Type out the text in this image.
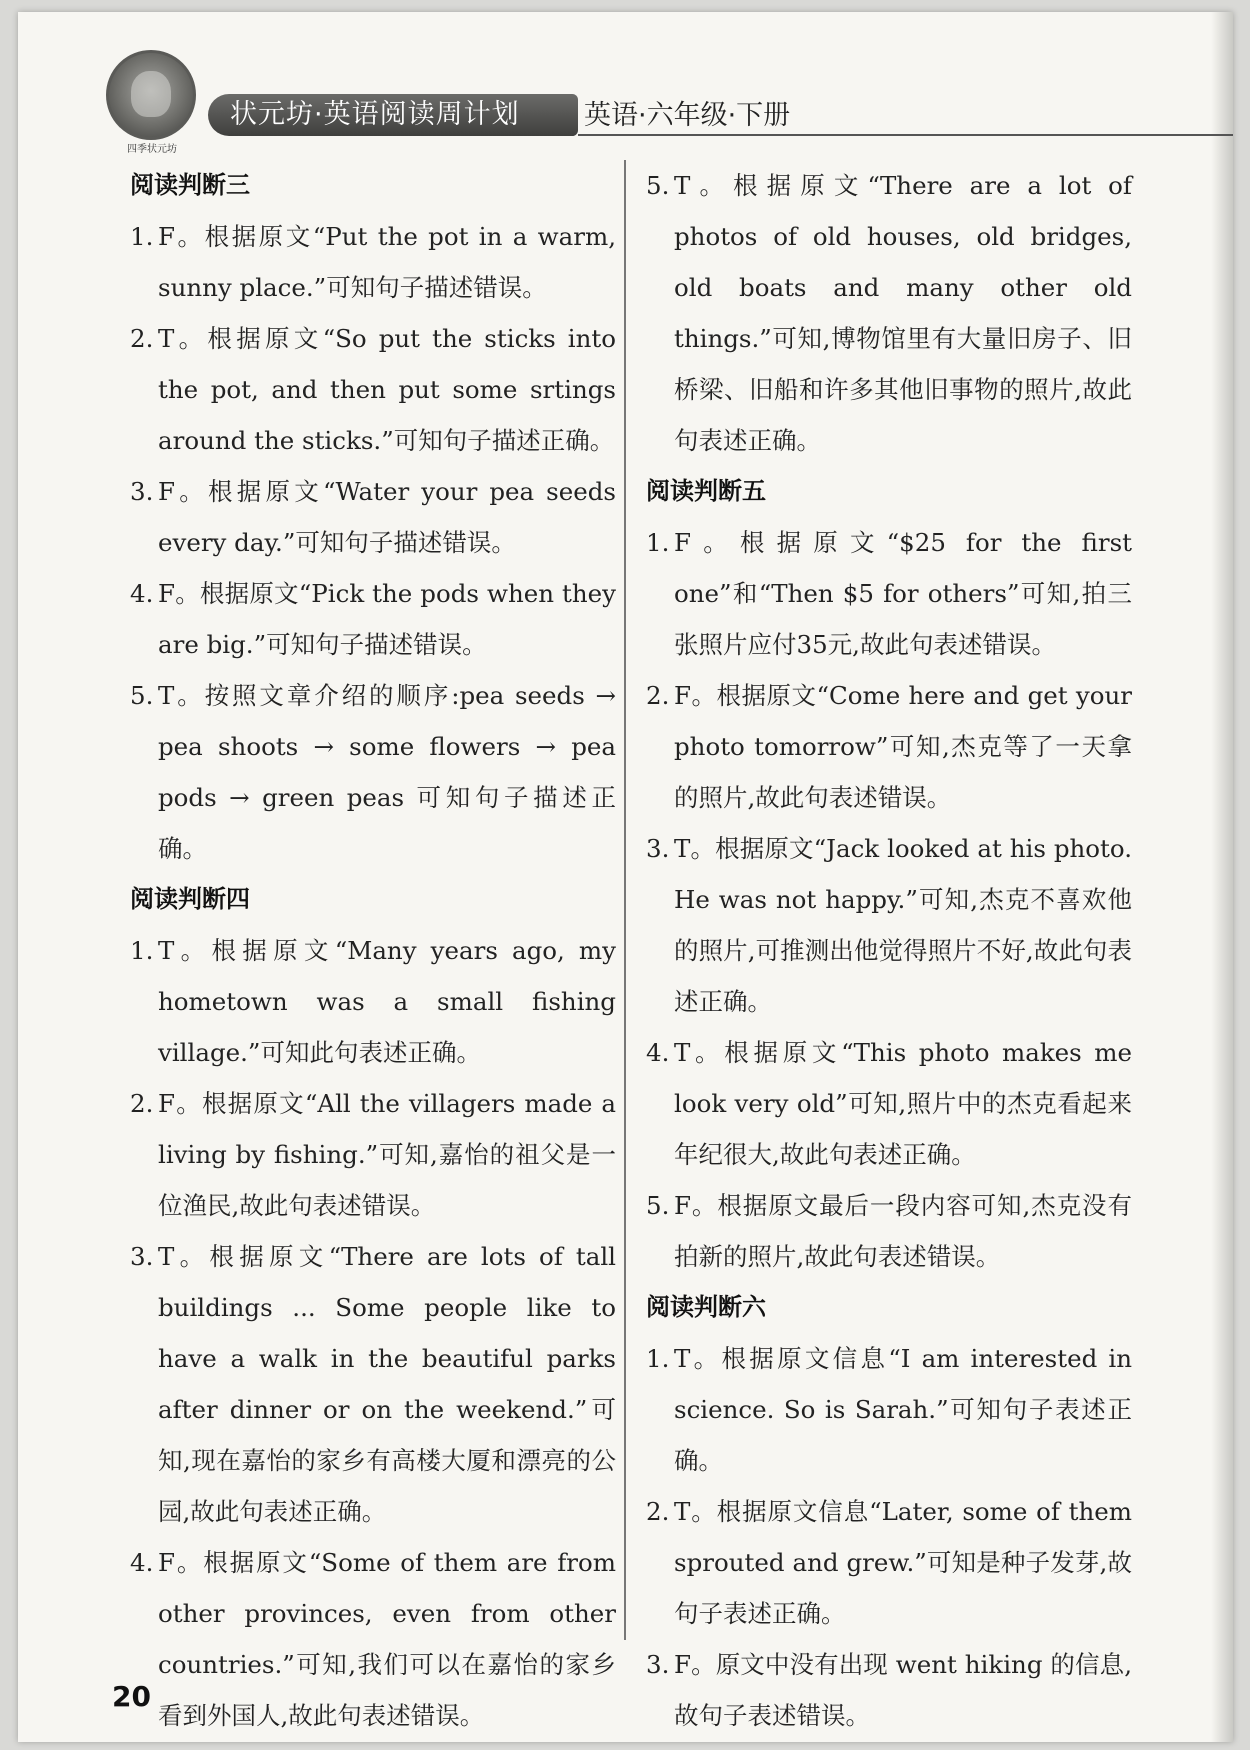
四季状元坊
状元坊·英语阅读周计划	英语·六年级·下册
阅读判断三
1. F。根据原文“Put the pot in a warm, sunny place.”可知句子描述错误。
2. T。根据原文“So put the sticks into the pot, and then put some srtings around the sticks.”可知句子描述正确。
3. F。根据原文“Water your pea seeds every day.”可知句子描述错误。
4. F。根据原文“Pick the pods when they are big.”可知句子描述错误。
5. T。按照文章介绍的顺序:pea seeds → pea shoots → some flowers → pea pods → green peas 可知句子描述正确。
阅读判断四
1. T。根据原文“Many years ago, my hometown was a small fishing village.”可知此句表述正确。
2. F。根据原文“All the villagers made a living by fishing.”可知,嘉怡的祖父是一位渔民,故此句表述错误。
3. T。根据原文“There are lots of tall buildings ... Some people like to have a walk in the beautiful parks after dinner or on the weekend.”可知,现在嘉怡的家乡有高楼大厦和漂亮的公园,故此句表述正确。
4. F。根据原文“Some of them are from other provinces, even from other countries.”可知,我们可以在嘉怡的家乡看到外国人,故此句表述错误。
5. T。根据原文“There are a lot of photos of old houses, old bridges, old boats and many other old things.”可知,博物馆里有大量旧房子、旧桥梁、旧船和许多其他旧事物的照片,故此句表述正确。
阅读判断五
1. F。根据原文“$25 for the first one”和“Then $5 for others”可知,拍三张照片应付35元,故此句表述错误。
2. F。根据原文“Come here and get your photo tomorrow”可知,杰克等了一天拿的照片,故此句表述错误。
3. T。根据原文“Jack looked at his photo. He was not happy.”可知,杰克不喜欢他的照片,可推测出他觉得照片不好,故此句表述正确。
4. T。根据原文“This photo makes me look very old”可知,照片中的杰克看起来年纪很大,故此句表述正确。
5. F。根据原文最后一段内容可知,杰克没有拍新的照片,故此句表述错误。
阅读判断六
1. T。根据原文信息“I am interested in science. So is Sarah.”可知句子表述正确。
2. T。根据原文信息“Later, some of them sprouted and grew.”可知是种子发芽,故句子表述正确。
3. F。原文中没有出现 went hiking 的信息,故句子表述错误。
20
